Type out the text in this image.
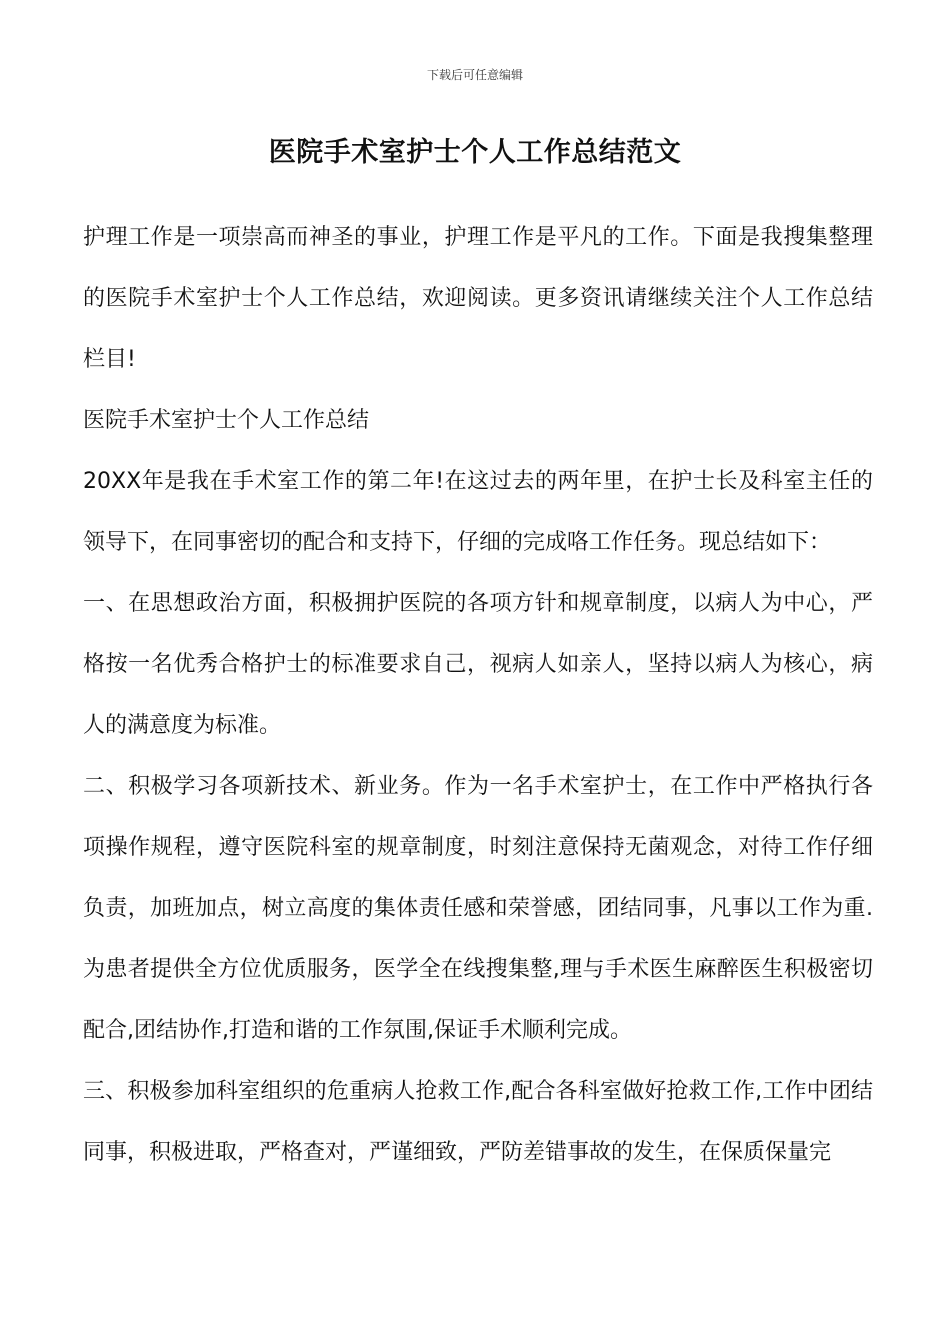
下载后可任意编辑
医院手术室护士个人工作总结范文

护理工作是一项崇高而神圣的事业，护理工作是平凡的工作。下面是我搜集整理的医院手术室护士个人工作总结，欢迎阅读。更多资讯请继续关注个人工作总结栏目!

医院手术室护士个人工作总结

20XX年是我在手术室工作的第二年!在这过去的两年里，在护士长及科室主任的领导下，在同事密切的配合和支持下，仔细的完成咯工作任务。现总结如下：

一、在思想政治方面，积极拥护医院的各项方针和规章制度，以病人为中心，严格按一名优秀合格护士的标准要求自己，视病人如亲人，坚持以病人为核心，病人的满意度为标准。

二、积极学习各项新技术、新业务。作为一名手术室护士，在工作中严格执行各项操作规程，遵守医院科室的规章制度，时刻注意保持无菌观念，对待工作仔细负责，加班加点，树立高度的集体责任感和荣誉感，团结同事，凡事以工作为重.为患者提供全方位优质服务，医学全在线搜集整,理与手术医生麻醉医生积极密切配合,团结协作,打造和谐的工作氛围,保证手术顺利完成。

三、积极参加科室组织的危重病人抢救工作,配合各科室做好抢救工作,工作中团结同事，积极进取，严格查对，严谨细致，严防差错事故的发生，在保质保量完
